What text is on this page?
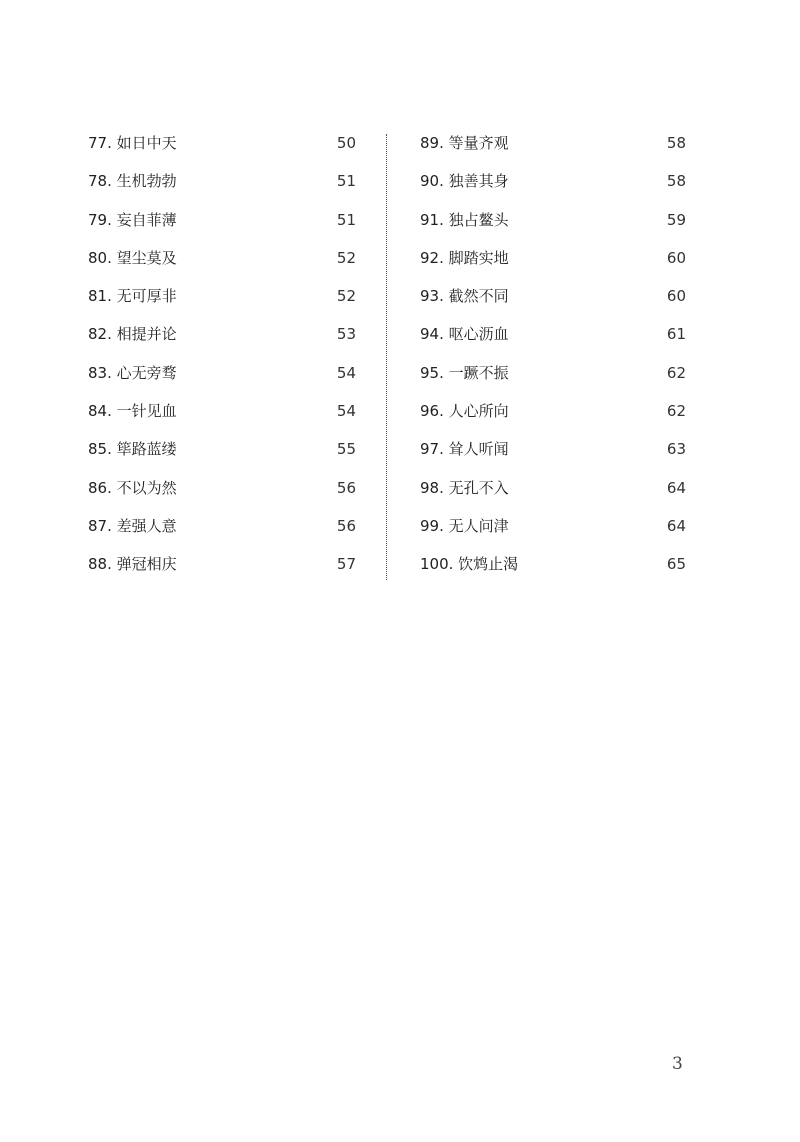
77. 如日中天	50
78. 生机勃勃	51
79. 妄自菲薄	51
80. 望尘莫及	52
81. 无可厚非	52
82. 相提并论	53
83. 心无旁骛	54
84. 一针见血	54
85. 筚路蓝缕	55
86. 不以为然	56
87. 差强人意	56
88. 弹冠相庆	57
89. 等量齐观	58
90. 独善其身	58
91. 独占鳌头	59
92. 脚踏实地	60
93. 截然不同	60
94. 呕心沥血	61
95. 一蹶不振	62
96. 人心所向	62
97. 耸人听闻	63
98. 无孔不入	64
99. 无人问津	64
100. 饮鸩止渴	65
3
